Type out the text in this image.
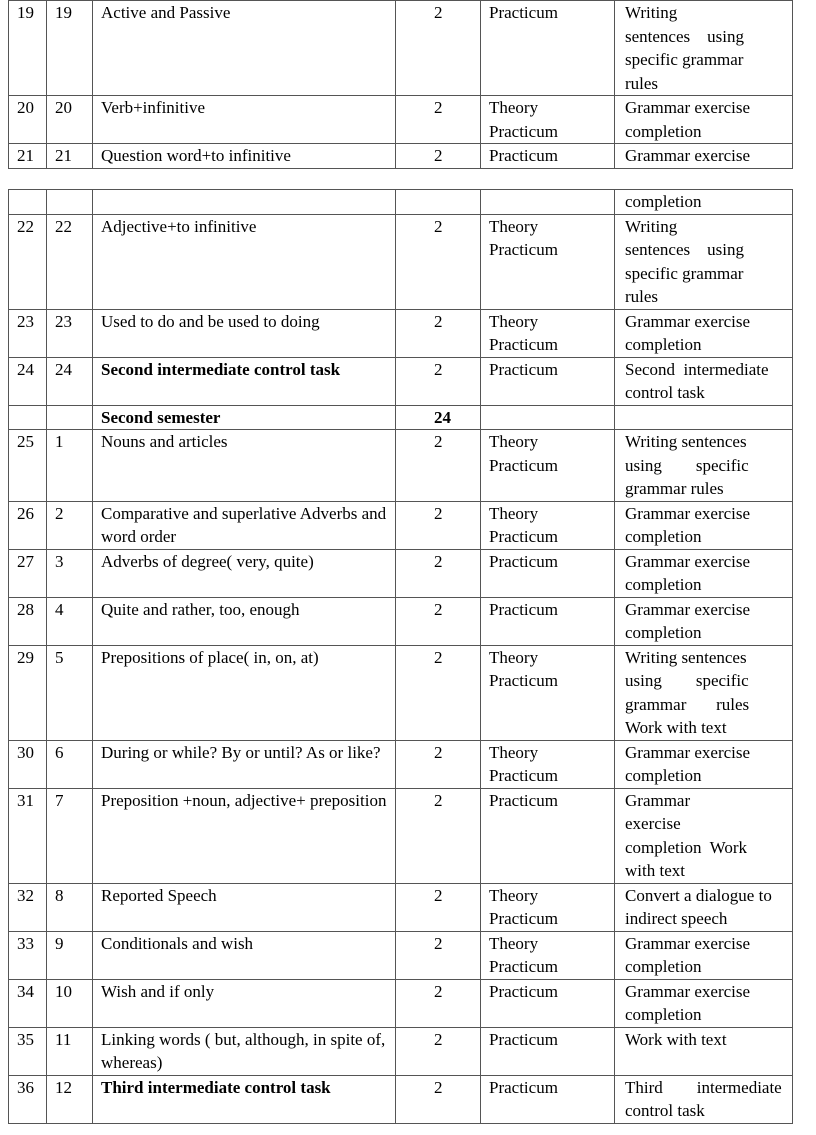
19	19	Active and Passive	2	Practicum	Writing
sentences    using
specific grammar
rules

20	20	Verb+infinitive	2	Theory
Practicum	Grammar exercise
completion

21	21	Question word+to infinitive	2	Practicum	Grammar exercise

					completion

22	22	Adjective+to infinitive	2	Theory
Practicum	Writing
sentences    using
specific grammar
rules

23	23	Used to do and be used to doing	2	Theory
Practicum	Grammar exercise
completion

24	24	Second intermediate control task	2	Practicum	Second  intermediate
control task

		Second semester	24		

25	1	Nouns and articles	2	Theory
Practicum	Writing sentences
using        specific
grammar rules

26	2	Comparative and superlative Adverbs and word order	2	Theory
Practicum	Grammar exercise
completion

27	3	Adverbs of degree( very, quite)	2	Practicum	Grammar exercise
completion

28	4	Quite and rather, too, enough	2	Practicum	Grammar exercise
completion

29	5	Prepositions of place( in, on, at)	2	Theory
Practicum	Writing sentences
using        specific
grammar       rules
Work with text

30	6	During or while? By or until? As or like?	2	Theory
Practicum	Grammar exercise
completion

31	7	Preposition +noun, adjective+ preposition	2	Practicum	Grammar
exercise
completion  Work
with text

32	8	Reported Speech	2	Theory
Practicum	Convert a dialogue to
indirect speech

33	9	Conditionals and wish	2	Theory
Practicum	Grammar exercise
completion

34	10	Wish and if only	2	Practicum	Grammar exercise
completion

35	11	Linking words ( but, although, in spite of, whereas)	2	Practicum	Work with text

36	12	Third intermediate control task	2	Practicum	Third        intermediate
control task
